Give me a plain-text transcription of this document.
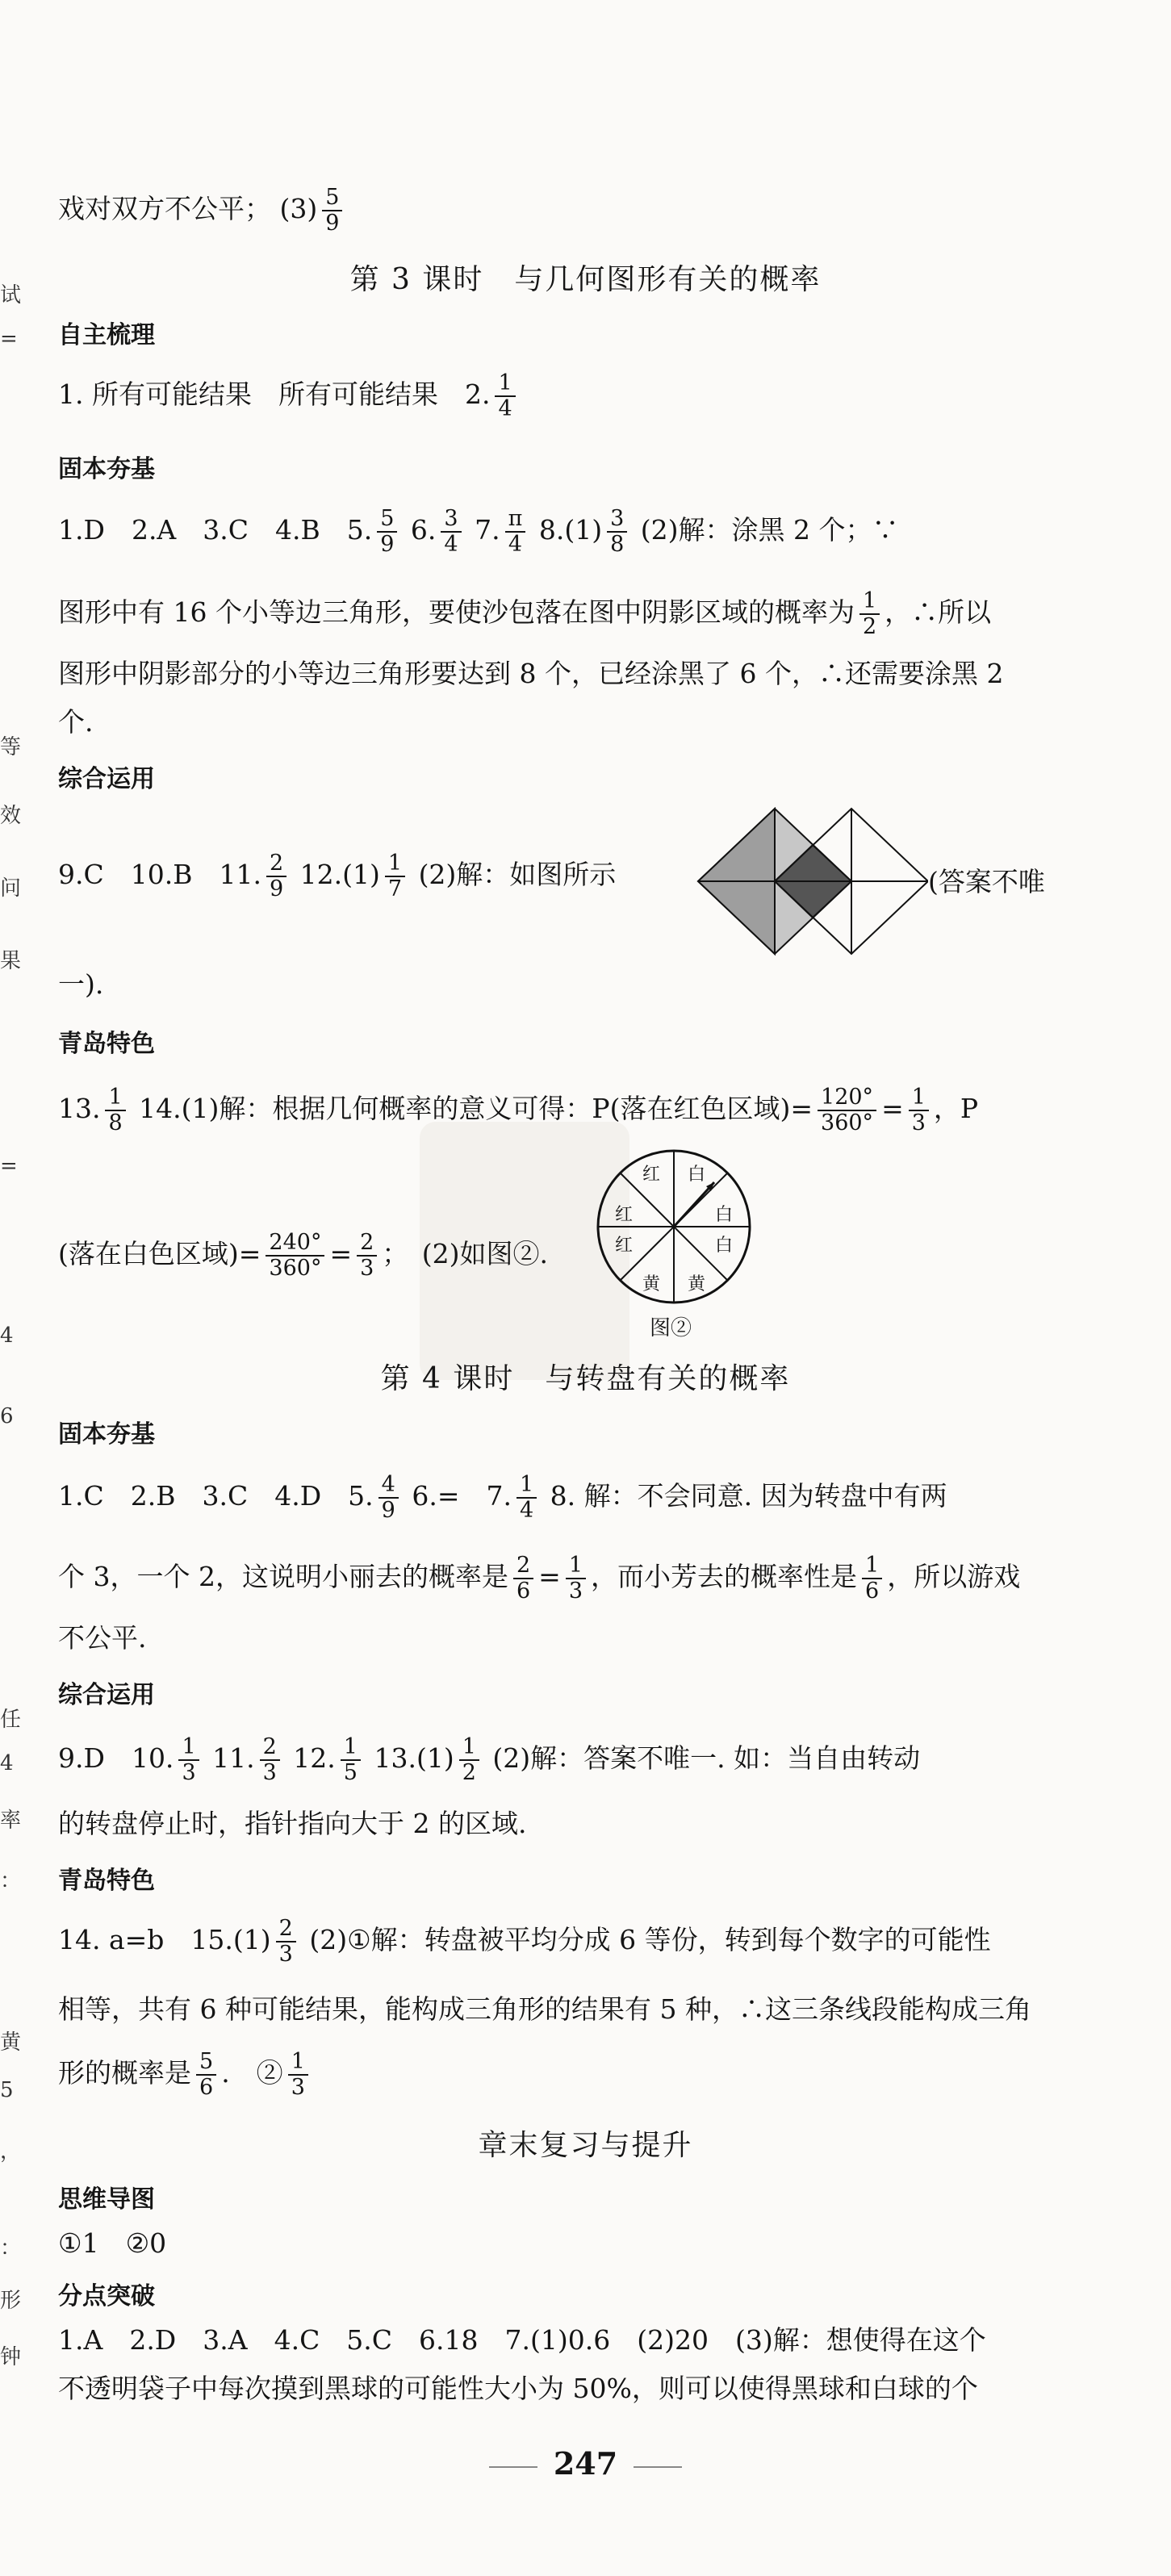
试
=
等
效
问
果
=
4
6
任
4
率
：
黄
5
，
：
形
钟
戏对双方不公平； $(3) \frac{5}{9}$
第 3 课时　与几何图形有关的概率
自主梳理
1. 所有可能结果　所有可能结果　2. $\frac{1}{4}$
固本夯基
1.D　2.A　3.C　4.B　5. $\frac{5}{9} 6$. $\frac{3}{4} 7$. $\frac{\pi}{4} 8.(1) \frac{3}{8} (2)$解：涂黑 2 个；∵
图形中有 16 个小等边三角形，要使沙包落在图中阴影区域的概率为 $\frac{1}{2}$ ，∴所以
图形中阴影部分的小等边三角形要达到 8 个，已经涂黑了 6 个，∴还需要涂黑 2
个.
综合运用
9.C　10.B　11. $\frac{2}{9} 12.(1) \frac{1}{7} (2)$解：如图所示	(答案不唯
一).
青岛特色
13. $\frac{1}{8} 14.(1)$解：根据几何概率的意义可得：P(落在红色区域)= $\frac{120^\circ}{360^\circ} = \frac{1}{3}$ ，P
(落在白色区域)= $\frac{240^\circ}{360^\circ} = \frac{2}{3}$ ；　(2)如图②.
红 白
白
白
黄
黄
红
红
图②
第 4 课时　与转盘有关的概率
固本夯基
1.C　2.B　3.C　4.D　5. $\frac{4}{9} 6.=$　7. $\frac{1}{4} 8$. 解：不会同意. 因为转盘中有两
个 3，一个 2，这说明小丽去的概率是 $\frac{2}{6} = \frac{1}{3}$ ，而小芳去的概率性是 $\frac{1}{6}$ ，所以游戏
不公平.
综合运用
9.D　10. $\frac{1}{3} 11$. $\frac{2}{3} 12$. $\frac{1}{5} 13.(1) \frac{1}{2} (2)$解：答案不唯一. 如：当自由转动
的转盘停止时，指针指向大于 2 的区域.
青岛特色
14. a=b　$15.(1) \frac{2}{3}$ (2)①解：转盘被平均分成 6 等份，转到每个数字的可能性
相等，共有 6 种可能结果，能构成三角形的结果有 5 种，∴这三条线段能构成三角
形的概率是 $\frac{5}{6}$ .　② $\frac{1}{3}$
章末复习与提升
思维导图
①1　②0
分点突破
1.A　2.D　3.A　4.C　5.C　6.18　7.(1)0.6　(2)20　(3)解：想使得在这个
不透明袋子中每次摸到黑球的可能性大小为 50%，则可以使得黑球和白球的个
247
